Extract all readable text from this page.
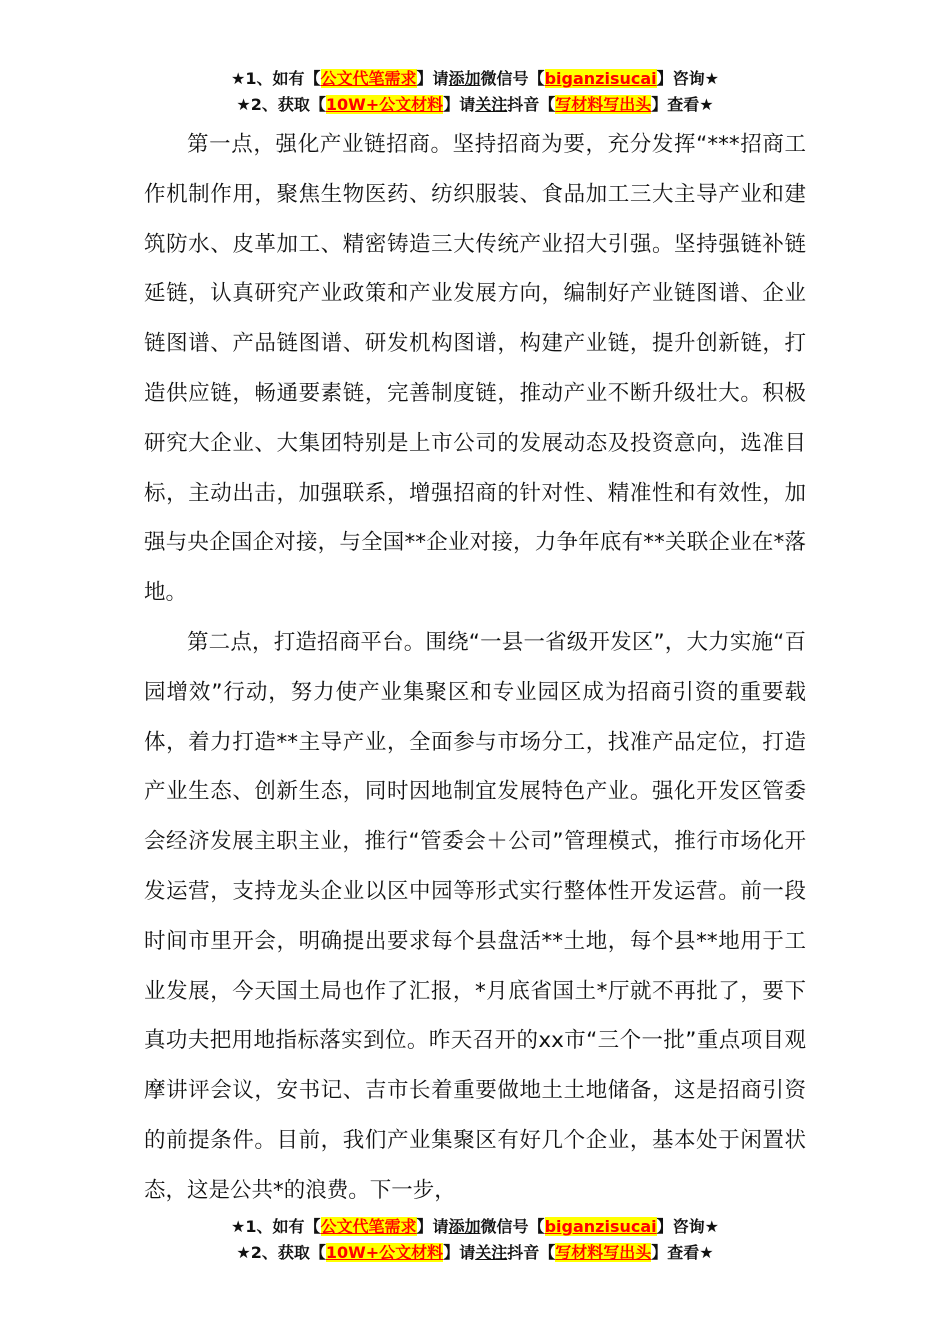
★1、如有【公文代笔需求】请添加微信号【biganzisucai】咨询★
★2、获取【10W+公文材料】请关注抖音【写材料写出头】查看★

第一点，强化产业链招商。坚持招商为要，充分发挥“***招商工作机制作用，聚焦生物医药、纺织服装、食品加工三大主导产业和建筑防水、皮革加工、精密铸造三大传统产业招大引强。坚持强链补链延链，认真研究产业政策和产业发展方向，编制好产业链图谱、企业链图谱、产品链图谱、研发机构图谱，构建产业链，提升创新链，打造供应链，畅通要素链，完善制度链，推动产业不断升级壮大。积极研究大企业、大集团特别是上市公司的发展动态及投资意向，选准目标，主动出击，加强联系，增强招商的针对性、精准性和有效性，加强与央企国企对接，与全国**企业对接，力争年底有**关联企业在*落地。

第二点，打造招商平台。围绕“一县一省级开发区”，大力实施“百园增效”行动，努力使产业集聚区和专业园区成为招商引资的重要载体，着力打造**主导产业，全面参与市场分工，找准产品定位，打造产业生态、创新生态，同时因地制宜发展特色产业。强化开发区管委会经济发展主职主业，推行“管委会＋公司”管理模式，推行市场化开发运营，支持龙头企业以区中园等形式实行整体性开发运营。前一段时间市里开会，明确提出要求每个县盘活**土地，每个县**地用于工业发展，今天国土局也作了汇报，*月底省国土*厅就不再批了，要下真功夫把用地指标落实到位。昨天召开的xx市“三个一批”重点项目观摩讲评会议，安书记、吉市长着重要做地土土地储备，这是招商引资的前提条件。目前，我们产业集聚区有好几个企业，基本处于闲置状态，这是公共*的浪费。下一步，

★1、如有【公文代笔需求】请添加微信号【biganzisucai】咨询★
★2、获取【10W+公文材料】请关注抖音【写材料写出头】查看★
